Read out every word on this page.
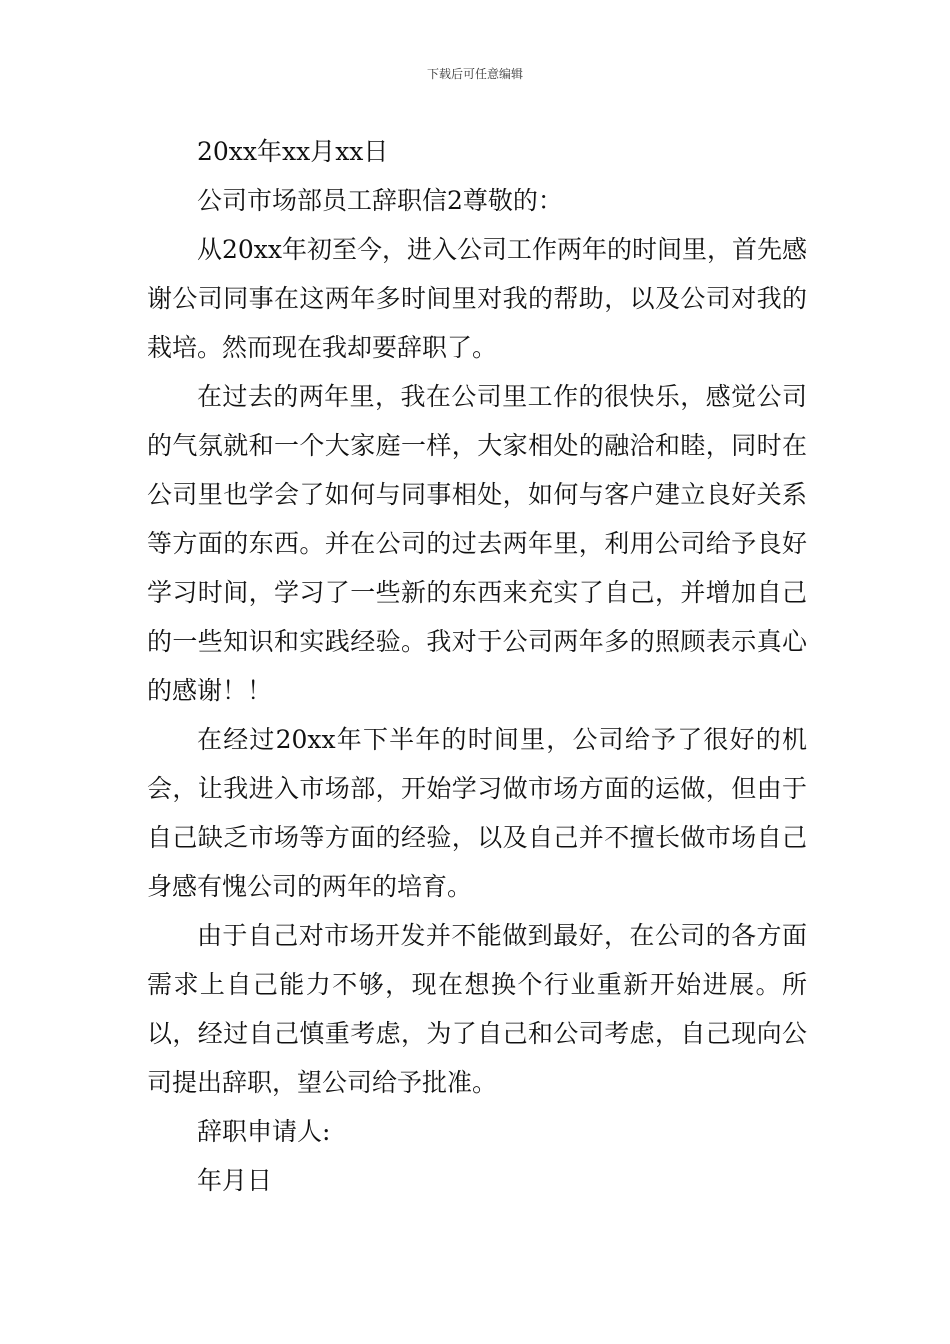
下载后可任意编辑

20xx年xx月xx日

公司市场部员工辞职信2尊敬的：

从20xx年初至今，进入公司工作两年的时间里，首先感谢公司同事在这两年多时间里对我的帮助，以及公司对我的栽培。然而现在我却要辞职了。

在过去的两年里，我在公司里工作的很快乐，感觉公司的气氛就和一个大家庭一样，大家相处的融洽和睦，同时在公司里也学会了如何与同事相处，如何与客户建立良好关系等方面的东西。并在公司的过去两年里，利用公司给予良好学习时间，学习了一些新的东西来充实了自己，并增加自己的一些知识和实践经验。我对于公司两年多的照顾表示真心的感谢！！

在经过20xx年下半年的时间里，公司给予了很好的机会，让我进入市场部，开始学习做市场方面的运做，但由于自己缺乏市场等方面的经验，以及自己并不擅长做市场自己身感有愧公司的两年的培育。

由于自己对市场开发并不能做到最好，在公司的各方面需求上自己能力不够，现在想换个行业重新开始进展。所以，经过自己慎重考虑，为了自己和公司考虑，自己现向公司提出辞职，望公司给予批准。

辞职申请人:

年月日
